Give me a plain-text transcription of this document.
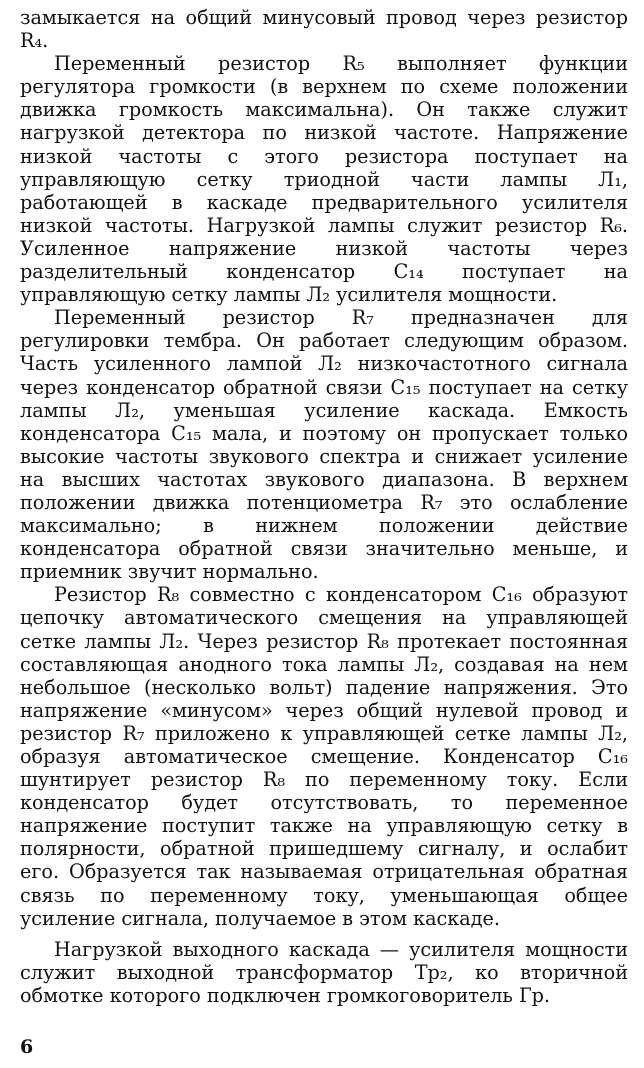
замыкается на общий минусовый провод через резистор R₄.

Переменный резистор R₅ выполняет функции регулятора громкости (в верхнем по схеме положении движка громкость максимальна). Он также служит нагрузкой детектора по низкой частоте. Напряжение низкой частоты с этого резистора поступает на управляющую сетку триодной части лампы Л₁, работающей в каскаде предварительного усилителя низкой частоты. Нагрузкой лампы служит резистор R₆. Усиленное напряжение низкой частоты через разделительный конденсатор C₁₄ поступает на управляющую сетку лампы Л₂ усилителя мощности.

Переменный резистор R₇ предназначен для регулировки тембра. Он работает следующим образом. Часть усиленного лампой Л₂ низкочастотного сигнала через конденсатор обратной связи C₁₅ поступает на сетку лампы Л₂, уменьшая усиление каскада. Емкость конденсатора C₁₅ мала, и поэтому он пропускает только высокие частоты звукового спектра и снижает усиление на высших частотах звукового диапазона. В верхнем положении движка потенциометра R₇ это ослабление максимально; в нижнем положении действие конденсатора обратной связи значительно меньше, и приемник звучит нормально.

Резистор R₈ совместно с конденсатором C₁₆ образуют цепочку автоматического смещения на управляющей сетке лампы Л₂. Через резистор R₈ протекает постоянная составляющая анодного тока лампы Л₂, создавая на нем небольшое (несколько вольт) падение напряжения. Это напряжение «минусом» через общий нулевой провод и резистор R₇ приложено к управляющей сетке лампы Л₂, образуя автоматическое смещение. Конденсатор C₁₆ шунтирует резистор R₈ по переменному току. Если конденсатор будет отсутствовать, то переменное напряжение поступит также на управляющую сетку в полярности, обратной пришедшему сигналу, и ослабит его. Образуется так называемая отрицательная обратная связь по переменному току, уменьшающая общее усиление сигнала, получаемое в этом каскаде.

Нагрузкой выходного каскада — усилителя мощности служит выходной трансформатор Tp₂, ко вторичной обмотке которого подключен громкоговоритель Гр.

6
